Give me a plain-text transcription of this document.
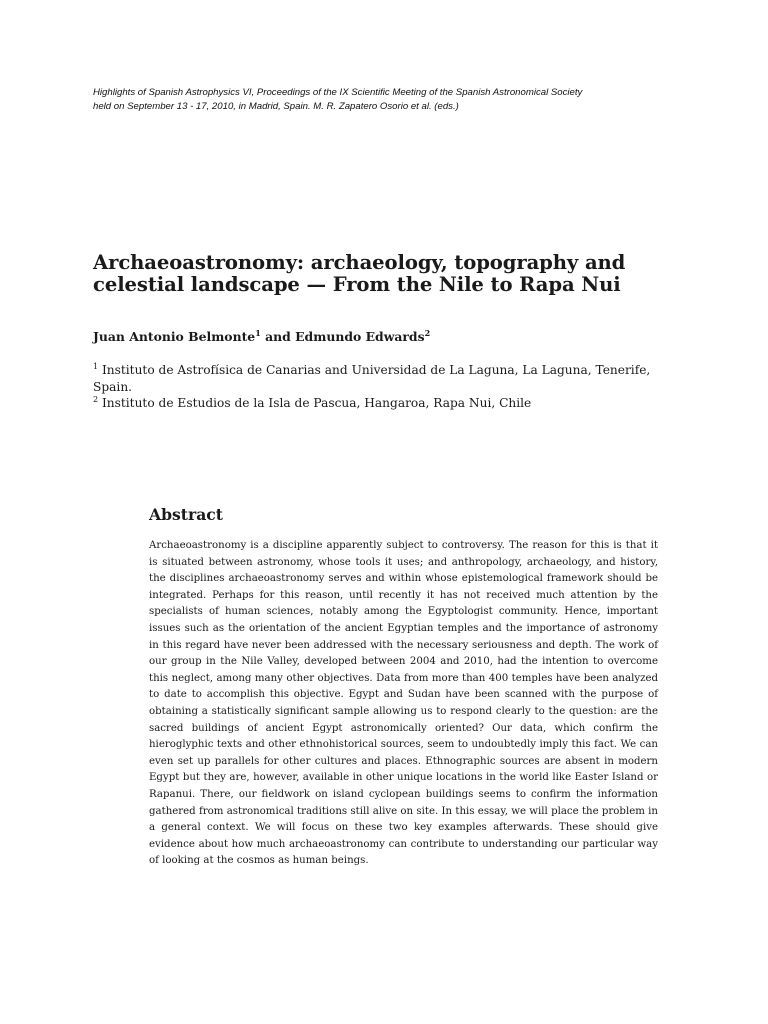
Highlights of Spanish Astrophysics VI, Proceedings of the IX Scientific Meeting of the Spanish Astronomical Society
held on September 13 - 17, 2010, in Madrid, Spain. M. R. Zapatero Osorio et al. (eds.)
Archaeoastronomy: archaeology, topography and
celestial landscape — From the Nile to Rapa Nui
Juan Antonio Belmonte$^1$ and Edmundo Edwards$^2$
$^1$ Instituto de Astrofísica de Canarias and Universidad de La Laguna, La Laguna, Tenerife, Spain.
$^2$ Instituto de Estudios de la Isla de Pascua, Hangaroa, Rapa Nui, Chile
Abstract

Archaeoastronomy is a discipline apparently subject to controversy. The reason for this is that it is situated between astronomy, whose tools it uses; and anthropology, archaeology, and history, the disciplines archaeoastronomy serves and within whose epistemological framework should be integrated. Perhaps for this reason, until recently it has not received much attention by the specialists of human sciences, notably among the Egyptologist community. Hence, important issues such as the orientation of the ancient Egyptian temples and the importance of astronomy in this regard have never been addressed with the necessary seriousness and depth. The work of our group in the Nile Valley, developed between 2004 and 2010, had the intention to overcome this neglect, among many other objectives. Data from more than 400 temples have been analyzed to date to accomplish this objective. Egypt and Sudan have been scanned with the purpose of obtaining a statistically significant sample allowing us to respond clearly to the question: are the sacred buildings of ancient Egypt astronomically oriented? Our data, which confirm the hieroglyphic texts and other ethnohistorical sources, seem to undoubtedly imply this fact. We can even set up parallels for other cultures and places. Ethnographic sources are absent in modern Egypt but they are, however, available in other unique locations in the world like Easter Island or Rapanui. There, our fieldwork on island cyclopean buildings seems to confirm the information gathered from astronomical traditions still alive on site. In this essay, we will place the problem in a general context. We will focus on these two key examples afterwards. These should give evidence about how much archaeoastronomy can contribute to understanding our particular way of looking at the cosmos as human beings.
